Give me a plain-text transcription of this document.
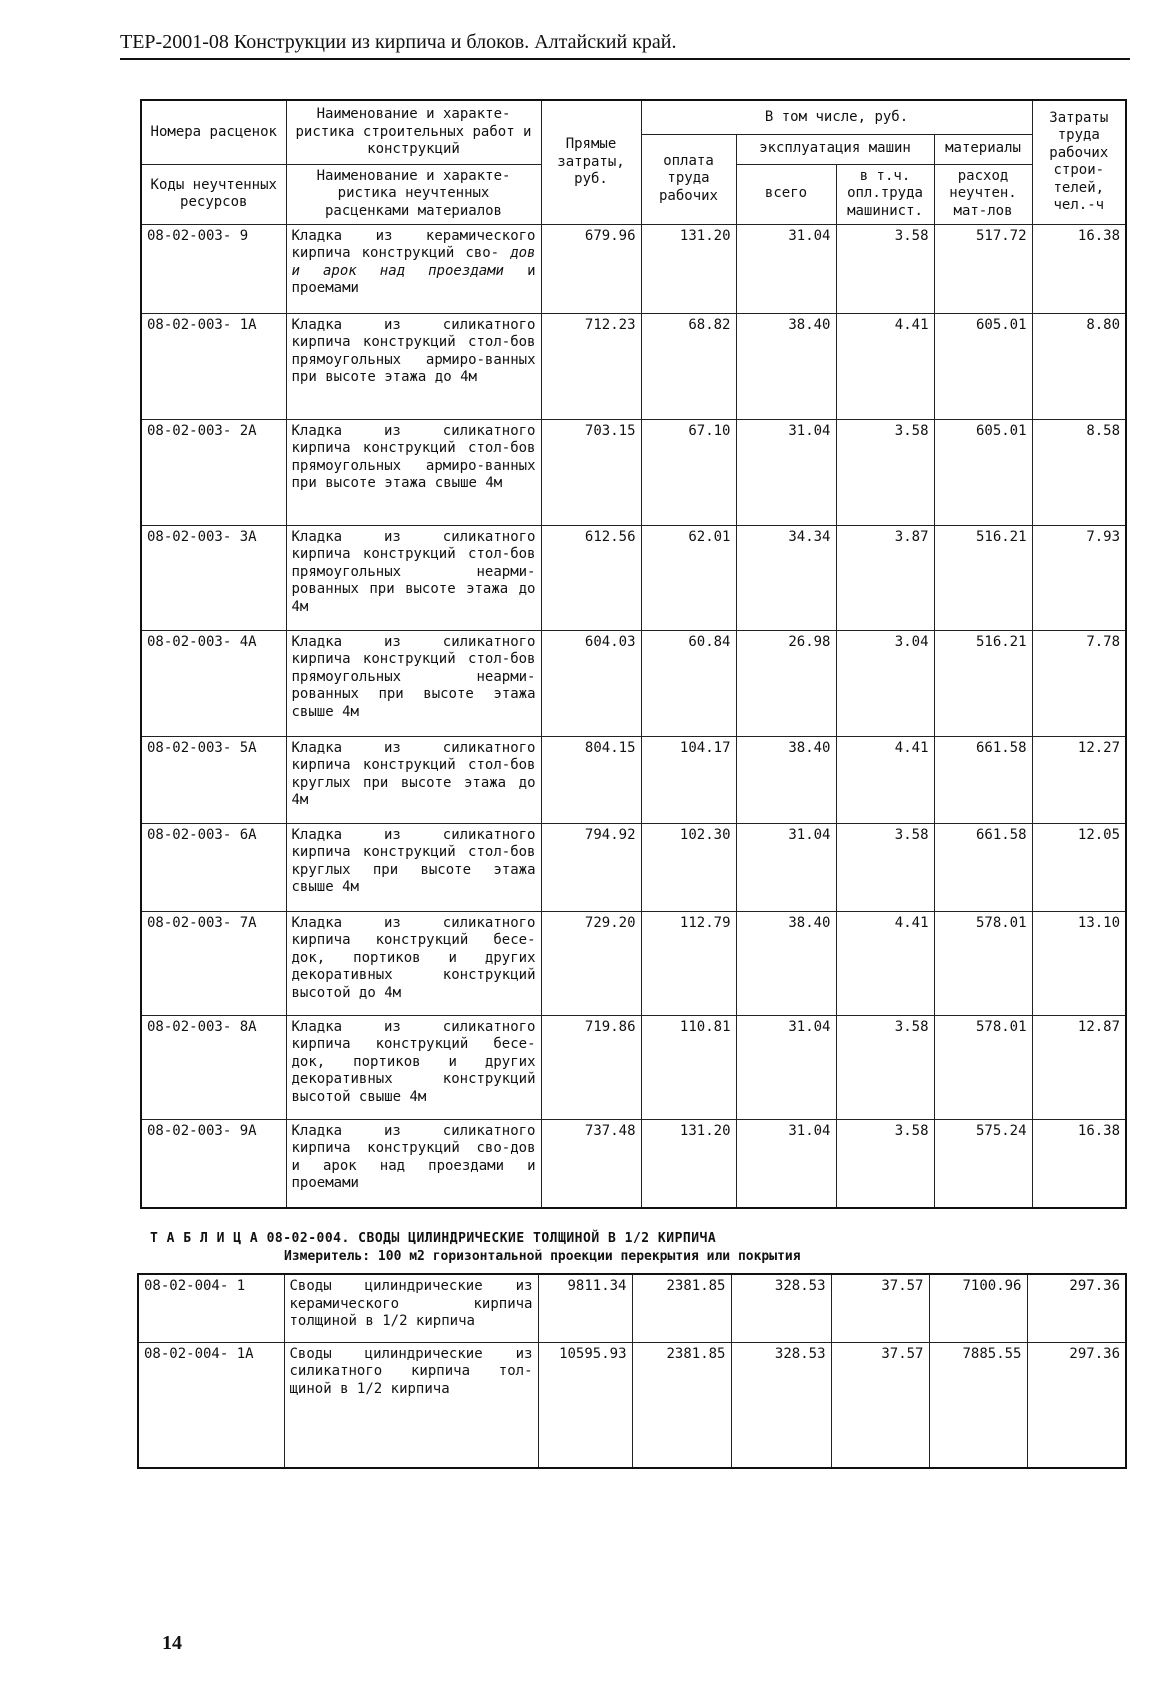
ТЕР-2001-08 Конструкции из кирпича и блоков. Алтайский край.
Номера расценок	Наименование и характе-ристика строительных работ и конструкций	Прямые затраты, руб.	В том числе, руб.				Затраты труда рабочих строи-телей, чел.-ч
			оплата труда рабочих	эксплуатация машин		материалы	
Коды неучтенных ресурсов	Наименование и характе-ристика неучтенных расценками материалов			всего	в т.ч. опл.труда машинист.	расход неучтен. мат-лов	

08-02-003- 9	Кладка из керамического кирпича конструкций сво- дов и арок над проездами и проемами	679.96	131.20	31.04	3.58	517.72	16.38
08-02-003- 1А	Кладка из силикатного кирпича конструкций стол-бов прямоугольных армиро-ванных при высоте этажа до 4м	712.23	68.82	38.40	4.41	605.01	8.80
08-02-003- 2А	Кладка из силикатного кирпича конструкций стол-бов прямоугольных армиро-ванных при высоте этажа свыше 4м	703.15	67.10	31.04	3.58	605.01	8.58
08-02-003- 3А	Кладка из силикатного кирпича конструкций стол-бов прямоугольных неарми-рованных при высоте этажа до 4м	612.56	62.01	34.34	3.87	516.21	7.93
08-02-003- 4А	Кладка из силикатного кирпича конструкций стол-бов прямоугольных неарми-рованных при высоте этажа свыше 4м	604.03	60.84	26.98	3.04	516.21	7.78
08-02-003- 5А	Кладка из силикатного кирпича конструкций стол-бов круглых при высоте этажа до 4м	804.15	104.17	38.40	4.41	661.58	12.27
08-02-003- 6А	Кладка из силикатного кирпича конструкций стол-бов круглых при высоте этажа свыше 4м	794.92	102.30	31.04	3.58	661.58	12.05
08-02-003- 7А	Кладка из силикатного кирпича конструкций бесе-док, портиков и других декоративных конструкций высотой до 4м	729.20	112.79	38.40	4.41	578.01	13.10
08-02-003- 8А	Кладка из силикатного кирпича конструкций бесе-док, портиков и других декоративных конструкций высотой свыше 4м	719.86	110.81	31.04	3.58	578.01	12.87
08-02-003- 9А	Кладка из силикатного кирпича конструкций сво-дов и арок над проездами и проемами	737.48	131.20	31.04	3.58	575.24	16.38
Т А Б Л И Ц А 08-02-004. СВОДЫ ЦИЛИНДРИЧЕСКИЕ ТОЛЩИНОЙ В 1/2 КИРПИЧА
Измеритель: 100 м2 горизонтальной проекции перекрытия или покрытия
08-02-004- 1	Своды цилиндрические из керамического кирпича толщиной в 1/2 кирпича	9811.34	2381.85	328.53	37.57	7100.96	297.36
08-02-004- 1А	Своды цилиндрические из силикатного кирпича тол-щиной в 1/2 кирпича	10595.93	2381.85	328.53	37.57	7885.55	297.36
14
